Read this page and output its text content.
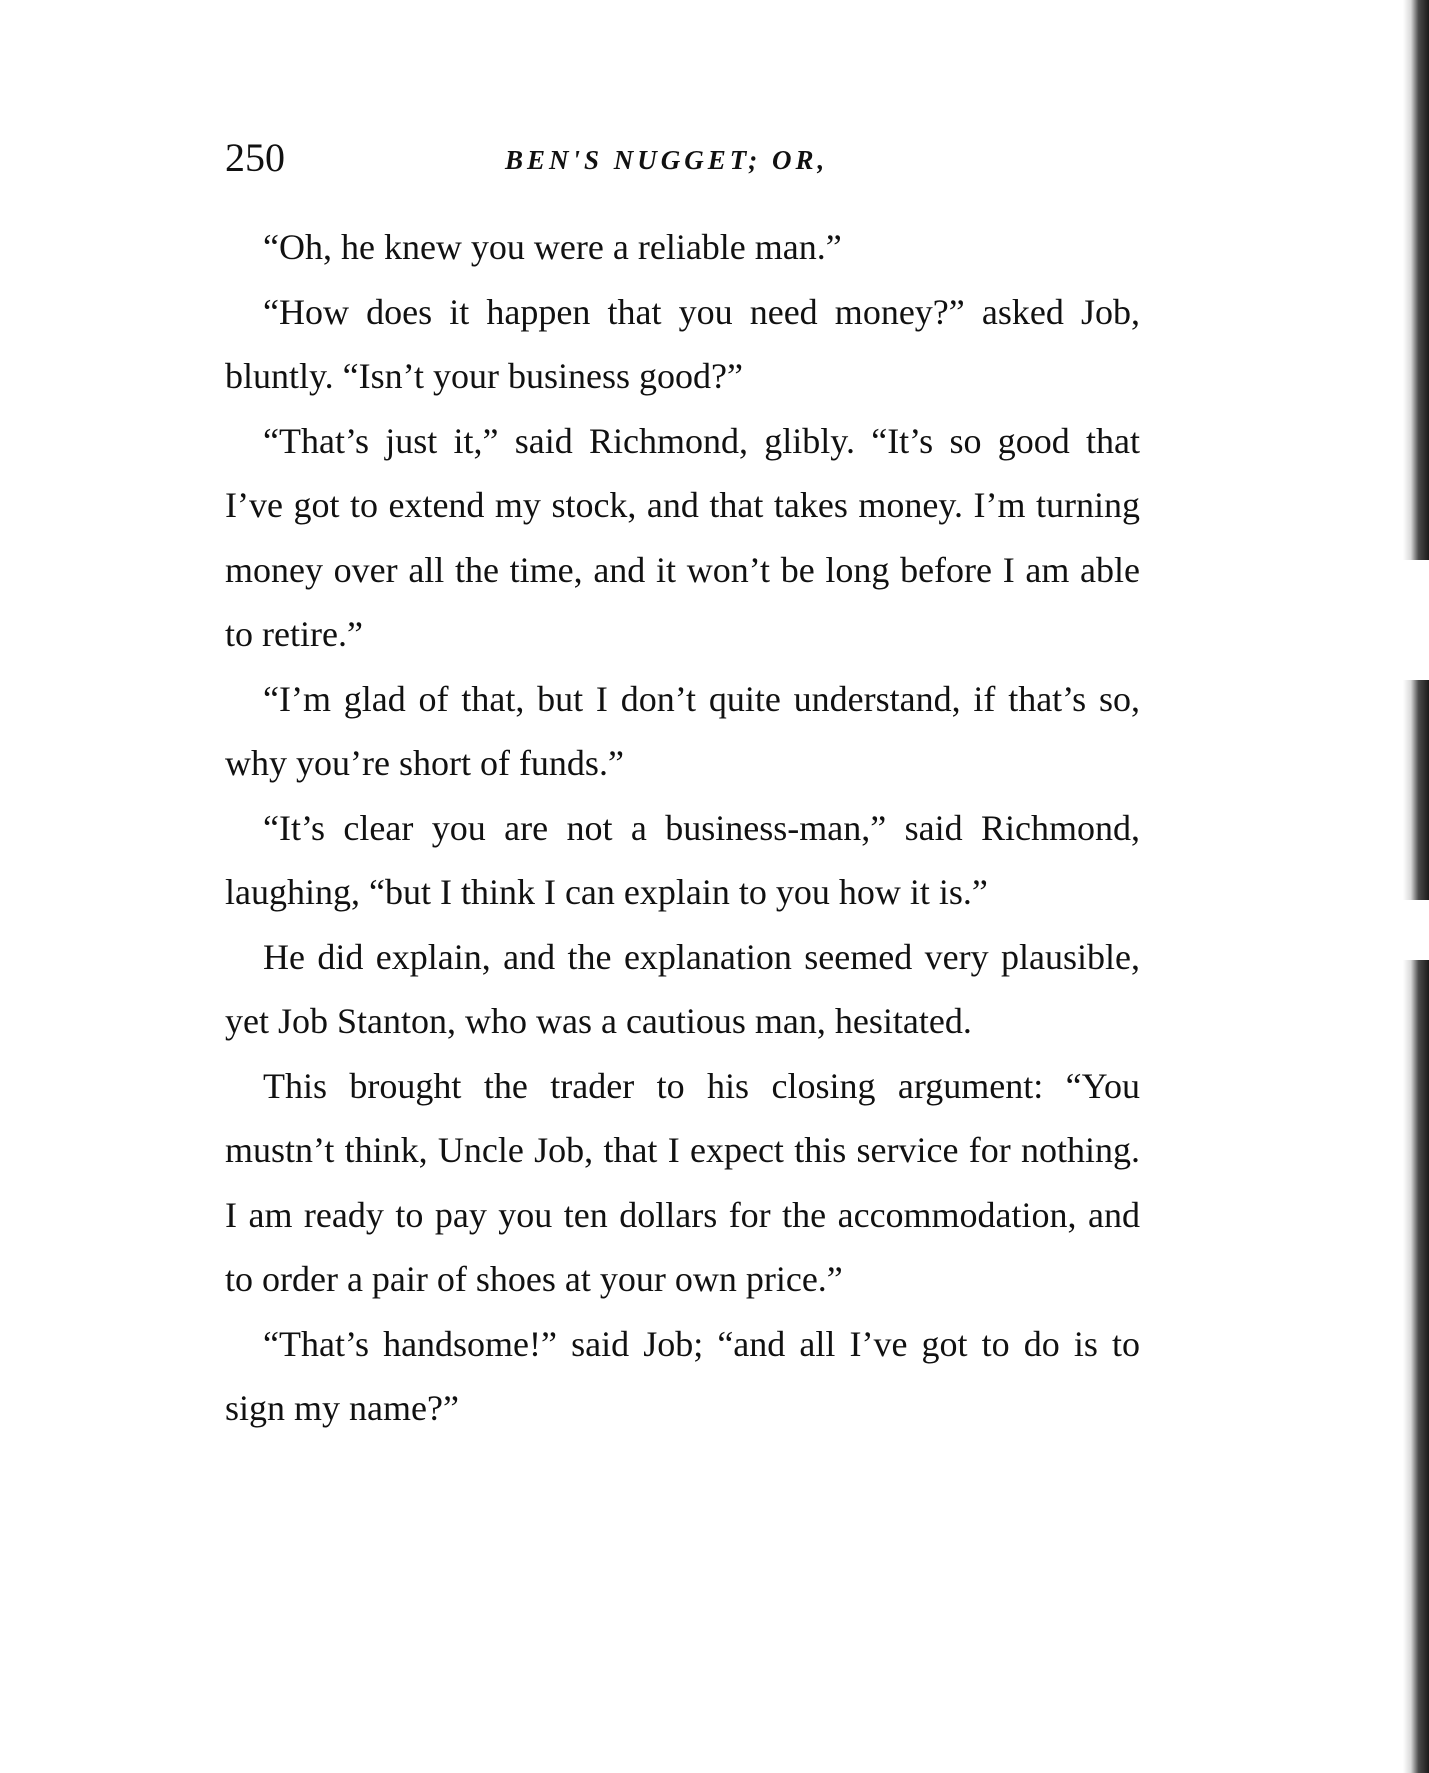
250	BEN'S NUGGET; OR,

“Oh, he knew you were a reliable man.”

“How does it happen that you need money?” asked Job, bluntly. “Isn’t your business good?”

“That’s just it,” said Richmond, glibly. “It’s so good that I’ve got to extend my stock, and that takes money. I’m turning money over all the time, and it won’t be long before I am able to retire.”

“I’m glad of that, but I don’t quite understand, if that’s so, why you’re short of funds.”

“It’s clear you are not a business-man,” said Richmond, laughing, “but I think I can explain to you how it is.”

He did explain, and the explanation seemed very plausible, yet Job Stanton, who was a cautious man, hesitated.

This brought the trader to his closing argument: “You mustn’t think, Uncle Job, that I expect this service for nothing. I am ready to pay you ten dollars for the accommodation, and to order a pair of shoes at your own price.”

“That’s handsome!” said Job; “and all I’ve got to do is to sign my name?”
